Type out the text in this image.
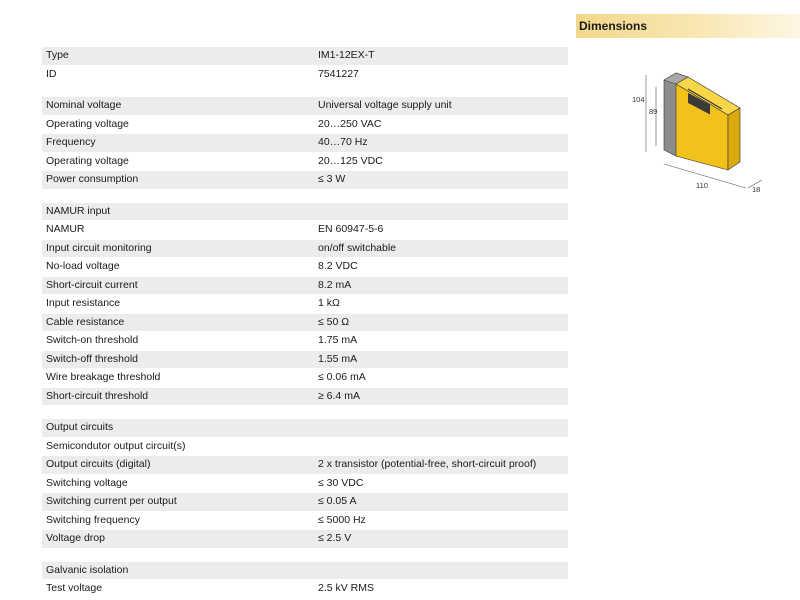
Type	IM1-12EX-T
ID	7541227
Nominal voltage	Universal voltage supply unit
Operating voltage	20…250 VAC
Frequency	40…70 Hz
Operating voltage	20…125 VDC
Power consumption	≤ 3 W
NAMUR input
NAMUR	EN 60947-5-6
Input circuit monitoring	on/off switchable
No-load voltage	8.2 VDC
Short-circuit current	8.2 mA
Input resistance	1 kΩ
Cable resistance	≤ 50 Ω
Switch-on threshold	1.75 mA
Switch-off threshold	1.55 mA
Wire breakage threshold	≤ 0.06 mA
Short-circuit threshold	≥ 6.4 mA
Output circuits
Semicondutor output circuit(s)
Output circuits (digital)	2 x transistor (potential-free, short-circuit proof)
Switching voltage	≤ 30 VDC
Switching current per output	≤ 0.05 A
Switching frequency	≤ 5000 Hz
Voltage drop	≤ 2.5 V
Galvanic isolation
Test voltage	2.5 kV RMS
Dimensions
104
89
110	18
